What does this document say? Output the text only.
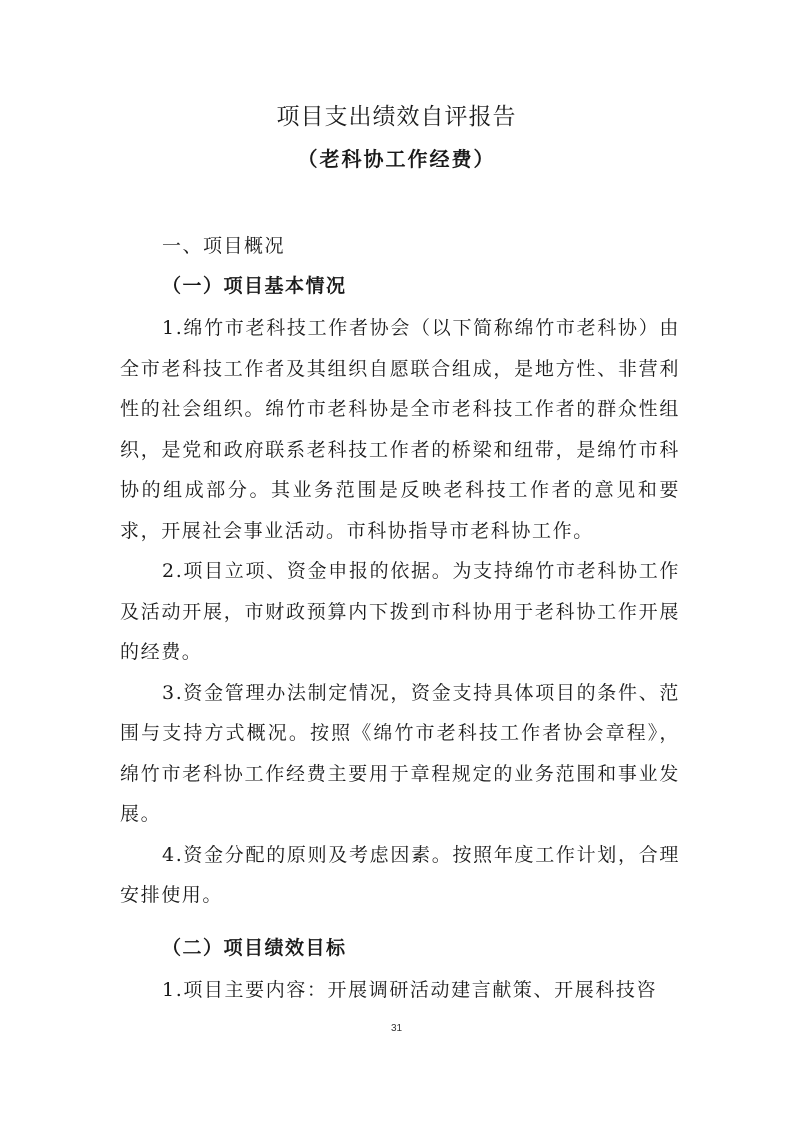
项目支出绩效自评报告
（老科协工作经费）
一、项目概况
（一）项目基本情况

1.绵竹市老科技工作者协会（以下简称绵竹市老科协）由全市老科技工作者及其组织自愿联合组成，是地方性、非营利性的社会组织。绵竹市老科协是全市老科技工作者的群众性组织，是党和政府联系老科技工作者的桥梁和纽带，是绵竹市科协的组成部分。其业务范围是反映老科技工作者的意见和要求，开展社会事业活动。市科协指导市老科协工作。

2.项目立项、资金申报的依据。为支持绵竹市老科协工作及活动开展，市财政预算内下拨到市科协用于老科协工作开展的经费。

3.资金管理办法制定情况，资金支持具体项目的条件、范围与支持方式概况。按照《绵竹市老科技工作者协会章程》，绵竹市老科协工作经费主要用于章程规定的业务范围和事业发展。

4.资金分配的原则及考虑因素。按照年度工作计划，合理安排使用。

（二）项目绩效目标

1.项目主要内容：开展调研活动建言献策、开展科技咨

31
